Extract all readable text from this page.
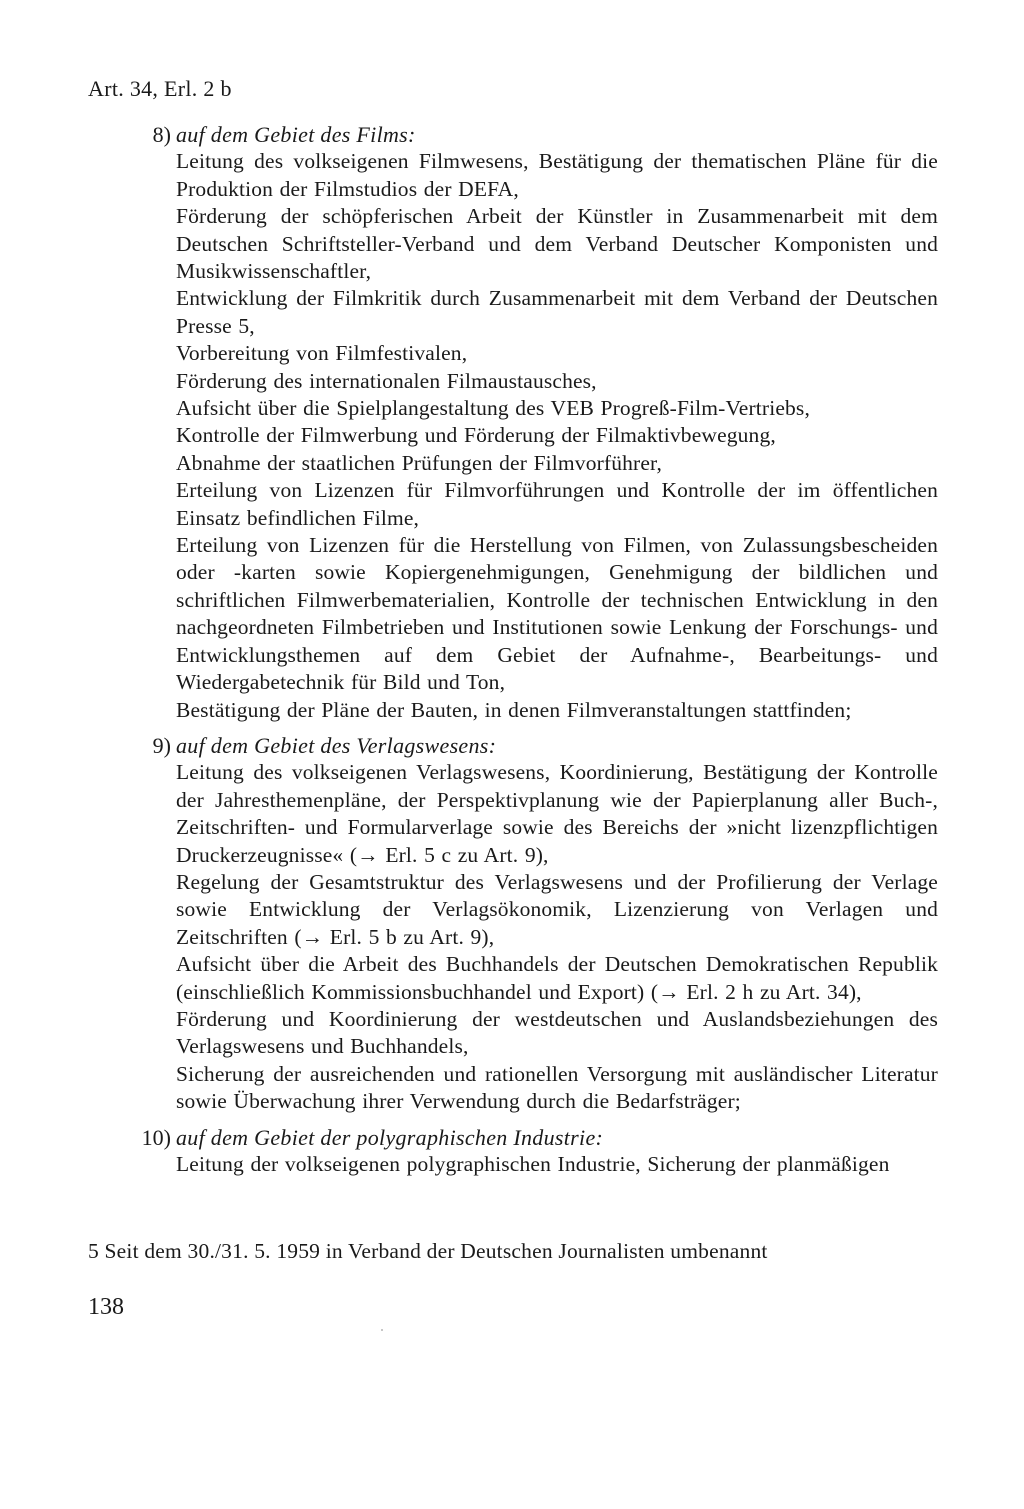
Art. 34, Erl. 2 b
8) auf dem Gebiet des Films:
Leitung des volkseigenen Filmwesens, Bestätigung der thematischen Pläne für die Produktion der Filmstudios der DEFA,
Förderung der schöpferischen Arbeit der Künstler in Zusammenarbeit mit dem Deutschen Schriftsteller-Verband und dem Verband Deutscher Komponisten und Musikwissenschaftler,
Entwicklung der Filmkritik durch Zusammenarbeit mit dem Verband der Deutschen Presse 5,
Vorbereitung von Filmfestivalen,
Förderung des internationalen Filmaustausches,
Aufsicht über die Spielplangestaltung des VEB Progreß-Film-Vertriebs,
Kontrolle der Filmwerbung und Förderung der Filmaktivbewegung,
Abnahme der staatlichen Prüfungen der Filmvorführer,
Erteilung von Lizenzen für Filmvorführungen und Kontrolle der im öffentlichen Einsatz befindlichen Filme,
Erteilung von Lizenzen für die Herstellung von Filmen, von Zulassungsbescheiden oder -karten sowie Kopiergenehmigungen, Genehmigung der bildlichen und schriftlichen Filmwerbematerialien, Kontrolle der technischen Entwicklung in den nachgeordneten Filmbetrieben und Institutionen sowie Lenkung der Forschungs- und Entwicklungsthemen auf dem Gebiet der Aufnahme-, Bearbeitungs- und Wiedergabetechnik für Bild und Ton,
Bestätigung der Pläne der Bauten, in denen Filmveranstaltungen stattfinden;
9) auf dem Gebiet des Verlagswesens:
Leitung des volkseigenen Verlagswesens, Koordinierung, Bestätigung der Kontrolle der Jahresthemenpläne, der Perspektivplanung wie der Papierplanung aller Buch-, Zeitschriften- und Formularverlage sowie des Bereichs der »nicht lizenzpflichtigen Druckerzeugnisse« (→ Erl. 5 c zu Art. 9),
Regelung der Gesamtstruktur des Verlagswesens und der Profilierung der Verlage sowie Entwicklung der Verlagsökonomik, Lizenzierung von Verlagen und Zeitschriften (→ Erl. 5 b zu Art. 9),
Aufsicht über die Arbeit des Buchhandels der Deutschen Demokratischen Republik (einschließlich Kommissionsbuchhandel und Export) (→ Erl. 2 h zu Art. 34),
Förderung und Koordinierung der westdeutschen und Auslandsbeziehungen des Verlagswesens und Buchhandels,
Sicherung der ausreichenden und rationellen Versorgung mit ausländischer Literatur sowie Überwachung ihrer Verwendung durch die Bedarfsträger;
10) auf dem Gebiet der polygraphischen Industrie:
Leitung der volkseigenen polygraphischen Industrie, Sicherung der planmäßigen
5 Seit dem 30./31. 5. 1959 in Verband der Deutschen Journalisten umbenannt
138
